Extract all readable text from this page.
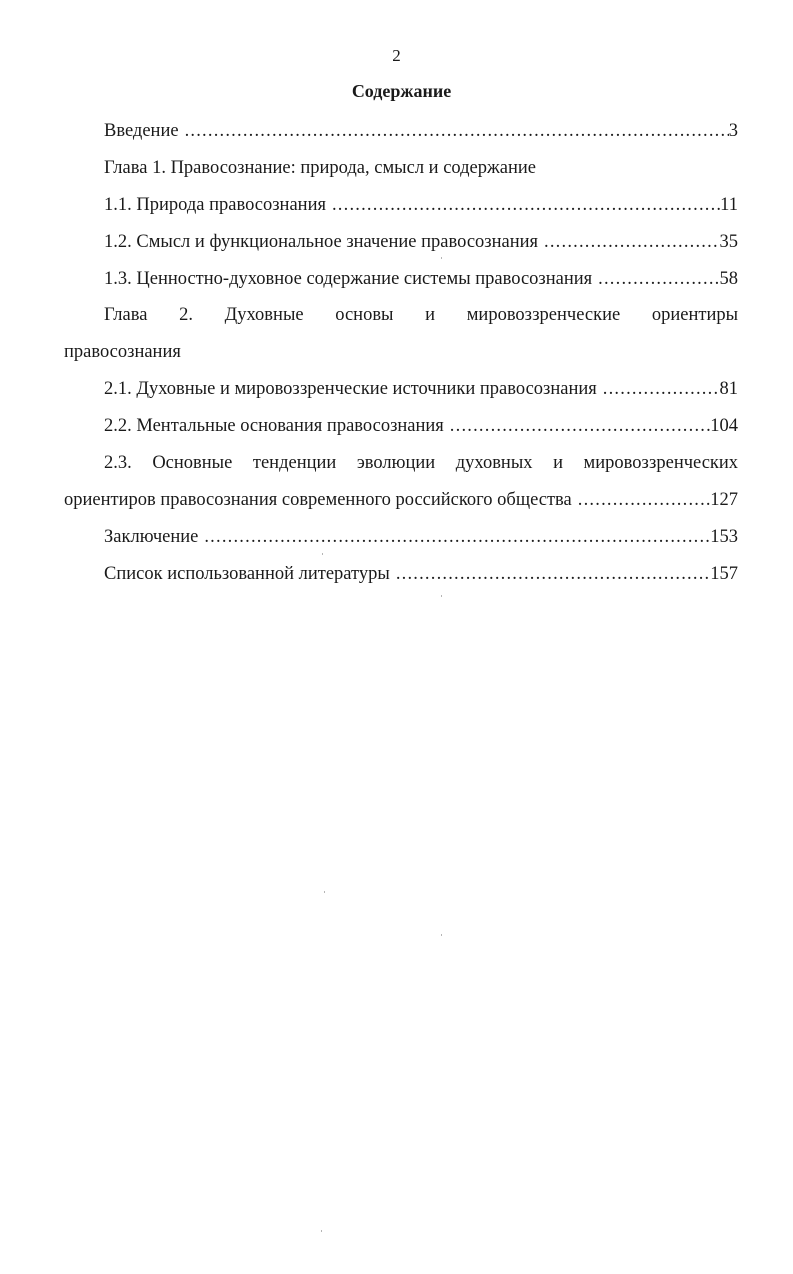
2
Содержание
Введение .....	3
Глава 1. Правосознание: природа, смысл и содержание
1.1. Природа правосознания .....	11
1.2. Смысл и функциональное значение правосознания .....	35
1.3. Ценностно-духовное содержание системы правосознания .....	58
Глава 2. Духовные основы и мировоззренческие ориентиры
правосознания
2.1. Духовные и мировоззренческие источники правосознания .....	81
2.2. Ментальные основания правосознания .....	104
2.3. Основные тенденции эволюции духовных и мировоззренческих
ориентиров правосознания современного российского общества .....	127
Заключение .....	153
Список использованной литературы .....	157
